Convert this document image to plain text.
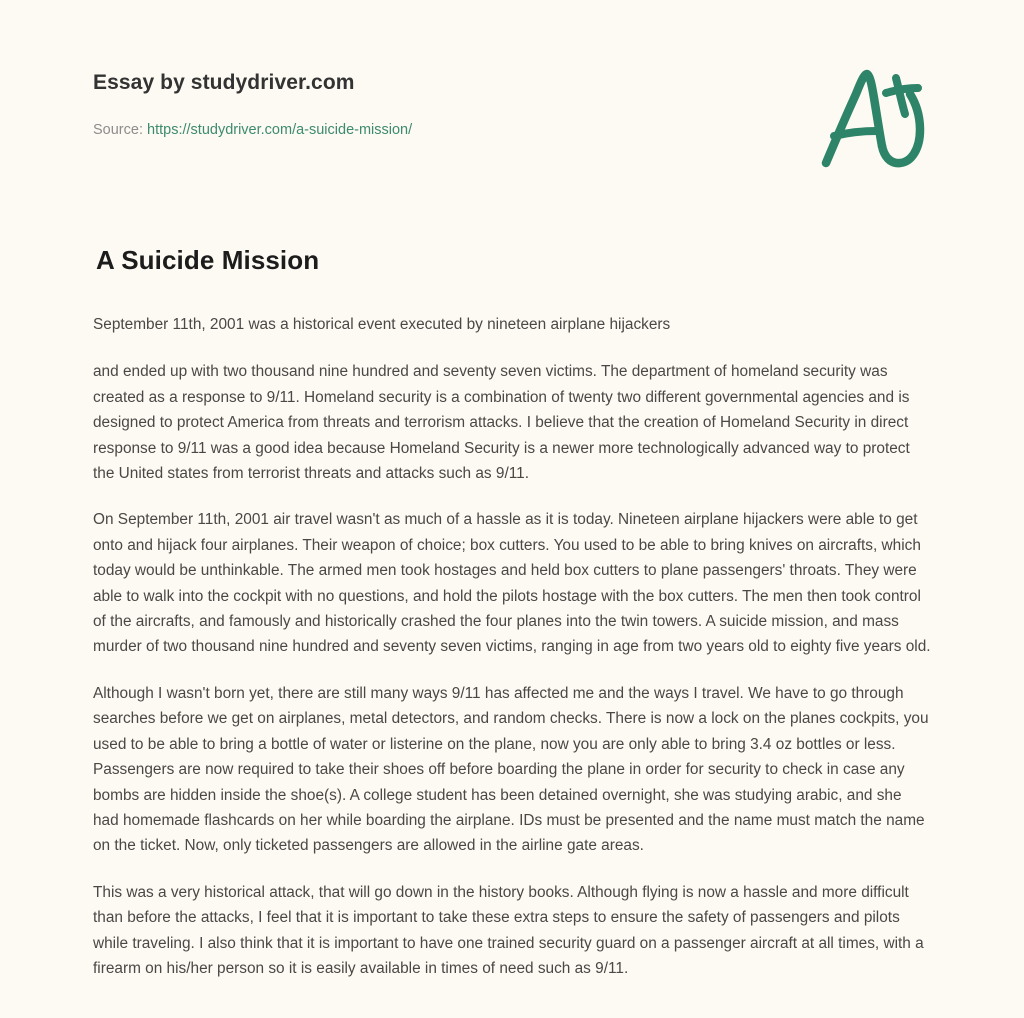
Essay by studydriver.com
Source: https://studydriver.com/a-suicide-mission/
A Suicide Mission

September 11th, 2001 was a historical event executed by nineteen airplane hijackers

and ended up with two thousand nine hundred and seventy seven victims. The department of homeland security was created as a response to 9/11. Homeland security is a combination of twenty two different governmental agencies and is designed to protect America from threats and terrorism attacks. I believe that the creation of Homeland Security in direct response to 9/11 was a good idea because Homeland Security is a newer more technologically advanced way to protect the United states from terrorist threats and attacks such as 9/11.

On September 11th, 2001 air travel wasn't as much of a hassle as it is today. Nineteen airplane hijackers were able to get onto and hijack four airplanes. Their weapon of choice; box cutters. You used to be able to bring knives on aircrafts, which today would be unthinkable. The armed men took hostages and held box cutters to plane passengers' throats. They were able to walk into the cockpit with no questions, and hold the pilots hostage with the box cutters. The men then took control of the aircrafts, and famously and historically crashed the four planes into the twin towers. A suicide mission, and mass murder of two thousand nine hundred and seventy seven victims, ranging in age from two years old to eighty five years old.

Although I wasn't born yet, there are still many ways 9/11 has affected me and the ways I travel. We have to go through searches before we get on airplanes, metal detectors, and random checks. There is now a lock on the planes cockpits, you used to be able to bring a bottle of water or listerine on the plane, now you are only able to bring 3.4 oz bottles or less. Passengers are now required to take their shoes off before boarding the plane in order for security to check in case any bombs are hidden inside the shoe(s). A college student has been detained overnight, she was studying arabic, and she had homemade flashcards on her while boarding the airplane. IDs must be presented and the name must match the name on the ticket. Now, only ticketed passengers are allowed in the airline gate areas.

This was a very historical attack, that will go down in the history books. Although flying is now a hassle and more difficult than before the attacks, I feel that it is important to take these extra steps to ensure the safety of passengers and pilots while traveling. I also think that it is important to have one trained security guard on a passenger aircraft at all times, with a firearm on his/her person so it is easily available in times of need such as 9/11.
